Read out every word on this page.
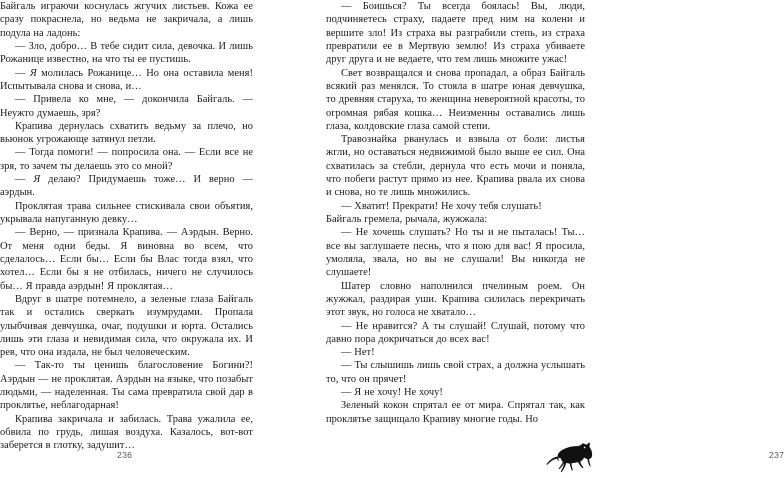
Байгаль играючи коснулась жгучих листьев. Кожа ее сразу покраснела, но ведьма не закричала, а лишь подула на ладонь:

— Зло, добро… В тебе сидит сила, девочка. И лишь Рожанице известно, на что ты ее пустишь.

— Я молилась Рожанице… Но она оставила меня! Испытывала снова и снова, и…

— Привела ко мне, — докончила Байгаль. — Неужто думаешь, зря?

Крапива дернулась схватить ведьму за плечо, но вьюнок угрожающе затянул петли.

— Тогда помоги! — попросила она. — Если все не зря, то зачем ты делаешь это со мной?

— Я делаю? Придумаешь тоже… И верно — аэрдын.

Проклятая трава сильнее стискивала свои объятия, укрывала напуганную девку…

— Верно, — признала Крапива. — Аэрдын. Верно. От меня одни беды. Я виновна во всем, что сделалось… Если бы… Если бы Влас тогда взял, что хотел… Если бы я не отбилась, ничего не случилось бы… Я правда аэрдын! Я проклятая…

Вдруг в шатре потемнело, а зеленые глаза Байгаль так и остались сверкать изумрудами. Пропала улыбчивая девчушка, очаг, подушки и юрта. Остались лишь эти глаза и невидимая сила, что окружала их. И рев, что она издала, не был человеческим.

— Так-то ты ценишь благословение Богини?! Аэрдын — не проклятая. Аэрдын на языке, что позабыт людьми, — наделенная. Ты сама превратила свой дар в проклятье, неблагодарная!

Крапива закричала и забилась. Трава ужалила ее, обвила по грудь, лишая воздуха. Казалось, вот-вот заберется в глотку, задушит…

236

— Боишься? Ты всегда боялась! Вы, люди, подчиняетесь страху, падаете пред ним на колени и вершите зло! Из страха вы разграбили степь, из страха превратили ее в Мертвую землю! Из страха убиваете друг друга и не ведаете, что тем лишь множите ужас!

Свет возвращался и снова пропадал, а образ Байгаль всякий раз менялся. То стояла в шатре юная девчушка, то древняя старуха, то женщина невероятной красоты, то огромная рябая кошка… Неизменны оставались лишь глаза, колдовские глаза самой степи.

Травознайка рванулась и взвыла от боли: листья жгли, но оставаться недвижимой было выше ее сил. Она схватилась за стебли, дернула что есть мочи и поняла, что побеги растут прямо из нее. Крапива рвала их снова и снова, но те лишь множились.

— Хватит! Прекрати! Не хочу тебя слушать!

Байгаль гремела, рычала, жужжала:

— Не хочешь слушать? Но ты и не пыталась! Ты… все вы заглушаете песнь, что я пою для вас! Я просила, умоляла, звала, но вы не слушали! Вы никогда не слушаете!

Шатер словно наполнился пчелиным роем. Он жужжал, раздирая уши. Крапива силилась перекричать этот звук, но голоса не хватало…

— Не нравится? А ты слушай! Слушай, потому что давно пора докричаться до всех вас!

— Нет!

— Ты слышишь лишь свой страх, а должна услышать то, что он прячет!

— Я не хочу! Не хочу!

Зеленый кокон спрятал ее от мира. Спрятал так, как проклятье защищало Крапиву многие годы. Но

237
